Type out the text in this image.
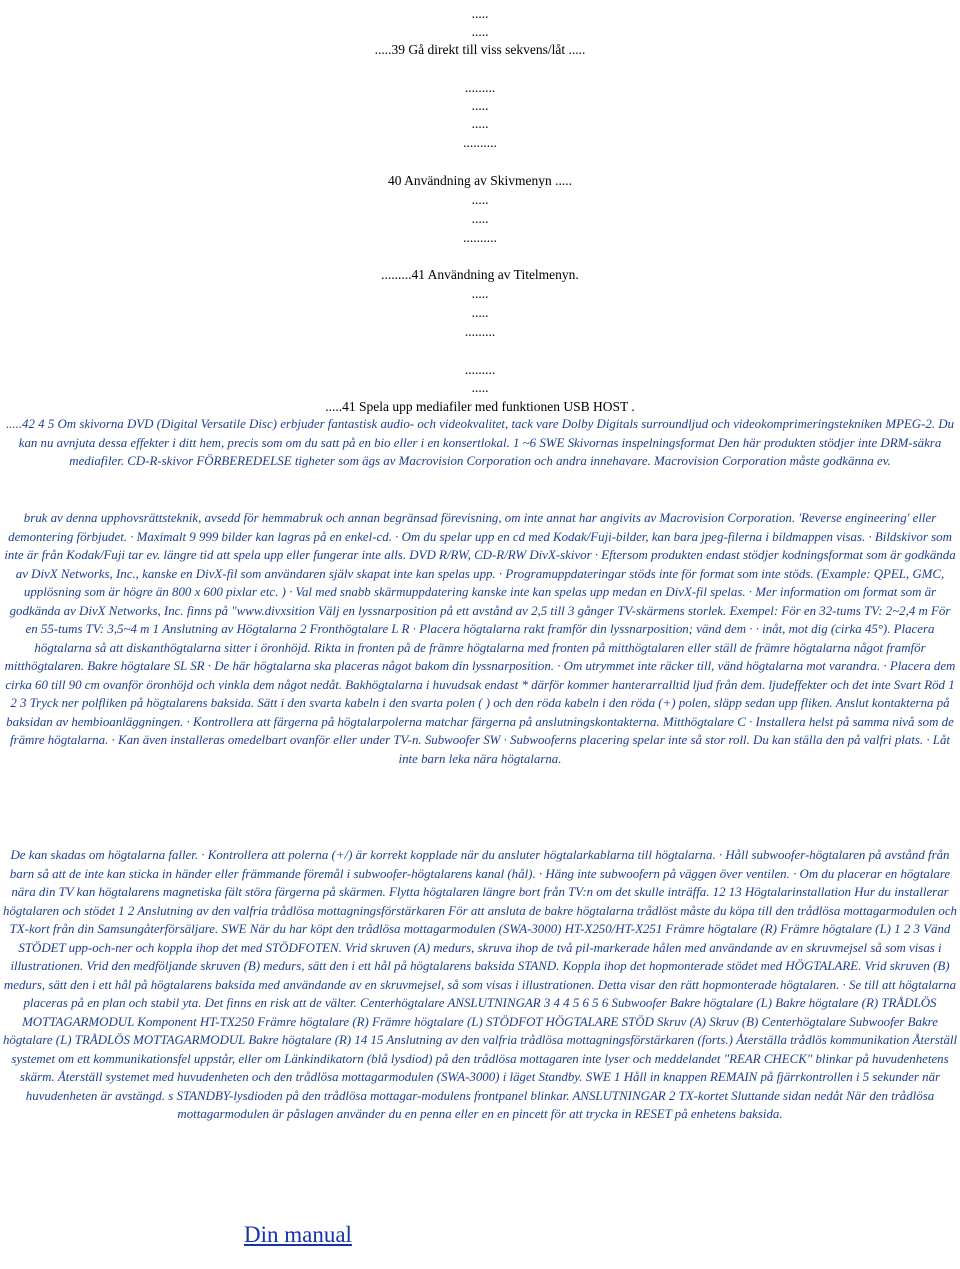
.....
.....
.....39 Gå direkt till viss sekvens/låt .....
.........
.....
.....
..........
40 Användning av Skivmenyn .....
.....
.....
..........
.........41 Användning av Titelmenyn.
.....
.....
.........
.........
.....
.....41 Spela upp mediafiler med funktionen USB HOST .
.....42 4 5 Om skivorna DVD (Digital Versatile Disc) erbjuder fantastisk audio- och videokvalitet, tack vare Dolby Digitals surroundljud och videokomprimeringstekniken MPEG-2. Du kan nu avnjuta dessa effekter i ditt hem, precis som om du satt på en bio eller i en konsertlokal. 1 ~6 SWE Skivornas inspelningsformat Den här produkten stödjer inte DRM-säkra mediafiler. CD-R-skivor FÖRBEREDELSE tigheter som ägs av Macrovision Corporation och andra innehavare. Macrovision Corporation måste godkänna ev.
bruk av denna upphovsrättsteknik, avsedd för hemmabruk och annan begränsad förevisning, om inte annat har angivits av Macrovision Corporation. 'Reverse engineering' eller demontering förbjudet. · Maximalt 9 999 bilder kan lagras på en enkel-cd. · Om du spelar upp en cd med Kodak/Fuji-bilder, kan bara jpeg-filerna i bildmappen visas. · Bildskivor som inte är från Kodak/Fuji tar ev. längre tid att spela upp eller fungerar inte alls. DVD R/RW, CD-R/RW DivX-skivor · Eftersom produkten endast stödjer kodningsformat som är godkända av DivX Networks, Inc., kanske en DivX-fil som användaren själv skapat inte kan spelas upp. · Programuppdateringar stöds inte för format som inte stöds. (Example: QPEL, GMC, upplösning som är högre än 800 x 600 pixlar etc. ) · Val med snabb skärmuppdatering kanske inte kan spelas upp medan en DivX-fil spelas. · Mer information om format som är godkända av DivX Networks, Inc. finns på "www.divxsition Välj en lyssnarposition på ett avstånd av 2,5 till 3 gånger TV-skärmens storlek. Exempel: För en 32-tums TV: 2~2,4 m För en 55-tums TV: 3,5~4 m 1 Anslutning av Högtalarna 2 Fronthögtalare L R · Placera högtalarna rakt framför din lyssnarposition; vänd dem · · inåt, mot dig (cirka 45°). Placera högtalarna så att diskanthögtalarna sitter i öronhöjd. Rikta in fronten på de främre högtalarna med fronten på mitthögtalaren eller ställ de främre högtalarna något framför mitthögtalaren. Bakre högtalare SL SR · De här högtalarna ska placeras något bakom din lyssnarposition. · Om utrymmet inte räcker till, vänd högtalarna mot varandra. · Placera dem cirka 60 till 90 cm ovanför öronhöjd och vinkla dem något nedåt. Bakhögtalarna i huvudsak endast * därför kommer hanterarralltid ljud från dem. ljudeffekter och det inte Svart Röd 1 2 3 Tryck ner polfliken på högtalarens baksida. Sätt i den svarta kabeln i den svarta polen ( ) och den röda kabeln i den röda (+) polen, släpp sedan upp fliken. Anslut kontakterna på baksidan av hembioanläggningen. · Kontrollera att färgerna på högtalarpolerna matchar färgerna på anslutningskontakterna. Mitthögtalare C · Installera helst på samma nivå som de främre högtalarna. · Kan även installeras omedelbart ovanför eller under TV-n. Subwoofer SW · Subwooferns placering spelar inte så stor roll. Du kan ställa den på valfri plats. · Låt inte barn leka nära högtalarna.
De kan skadas om högtalarna faller. · Kontrollera att polerna (+/) är korrekt kopplade när du ansluter högtalarkablarna till högtalarna. · Håll subwoofer-högtalaren på avstånd från barn så att de inte kan sticka in händer eller främmande föremål i subwoofer-högtalarens kanal (hål). · Häng inte subwoofern på väggen över ventilen. · Om du placerar en högtalare nära din TV kan högtalarens magnetiska fält störa färgerna på skärmen. Flytta högtalaren längre bort från TV:n om det skulle inträffa. 12 13 Högtalarinstallation Hur du installerar högtalaren och stödet 1 2 Anslutning av den valfria trådlösa mottagningsförstärkaren För att ansluta de bakre högtalarna trådlöst måste du köpa till den trådlösa mottagarmodulen och TX-kort från din Samsungåterförsäljare. SWE När du har köpt den trådlösa mottagarmodulen (SWA-3000) HT-X250/HT-X251 Främre högtalare (R) Främre högtalare (L) 1 2 3 Vänd STÖDET upp-och-ner och koppla ihop det med STÖDFOTEN. Vrid skruven (A) medurs, skruva ihop de två pil-markerade hålen med användande av en skruvmejsel så som visas i illustrationen. Vrid den medföljande skruven (B) medurs, sätt den i ett hål på högtalarens baksida STAND. Koppla ihop det hopmonterade stödet med HÖGTALARE. Vrid skruven (B) medurs, sätt den i ett hål på högtalarens baksida med användande av en skruvmejsel, så som visas i illustrationen. Detta visar den rätt hopmonterade högtalaren. · Se till att högtalarna placeras på en plan och stabil yta. Det finns en risk att de välter. Centerhögtalare ANSLUTNINGAR 3 4 4 5 6 5 6 Subwoofer Bakre högtalare (L) Bakre högtalare (R) TRÅDLÖS MOTTAGARMODUL Komponent HT-TX250 Främre högtalare (R) Främre högtalare (L) STÖDFOT HÖGTALARE STÖD Skruv (A) Skruv (B) Centerhögtalare Subwoofer Bakre högtalare (L) TRÅDLÖS MOTTAGARMODUL Bakre högtalare (R) 14 15 Anslutning av den valfria trådlösa mottagningsförstärkaren (forts.) Återställa trådlös kommunikation Återställ systemet om ett kommunikationsfel uppstår, eller om Länkindikatorn (blå lysdiod) på den trådlösa mottagaren inte lyser och meddelandet "REAR CHECK" blinkar på huvudenhetens skärm. Återställ systemet med huvudenheten och den trådlösa mottagarmodulen (SWA-3000) i läget Standby. SWE 1 Håll in knappen REMAIN på fjärrkontrollen i 5 sekunder när huvudenheten är avstängd. s STANDBY-lysdioden på den trådlösa mottagar-modulens frontpanel blinkar. ANSLUTNINGAR 2 TX-kortet Sluttande sidan nedåt När den trådlösa mottagarmodulen är påslagen använder du en penna eller en en pincett för att trycka in RESET på enhetens baksida.
Din manual
